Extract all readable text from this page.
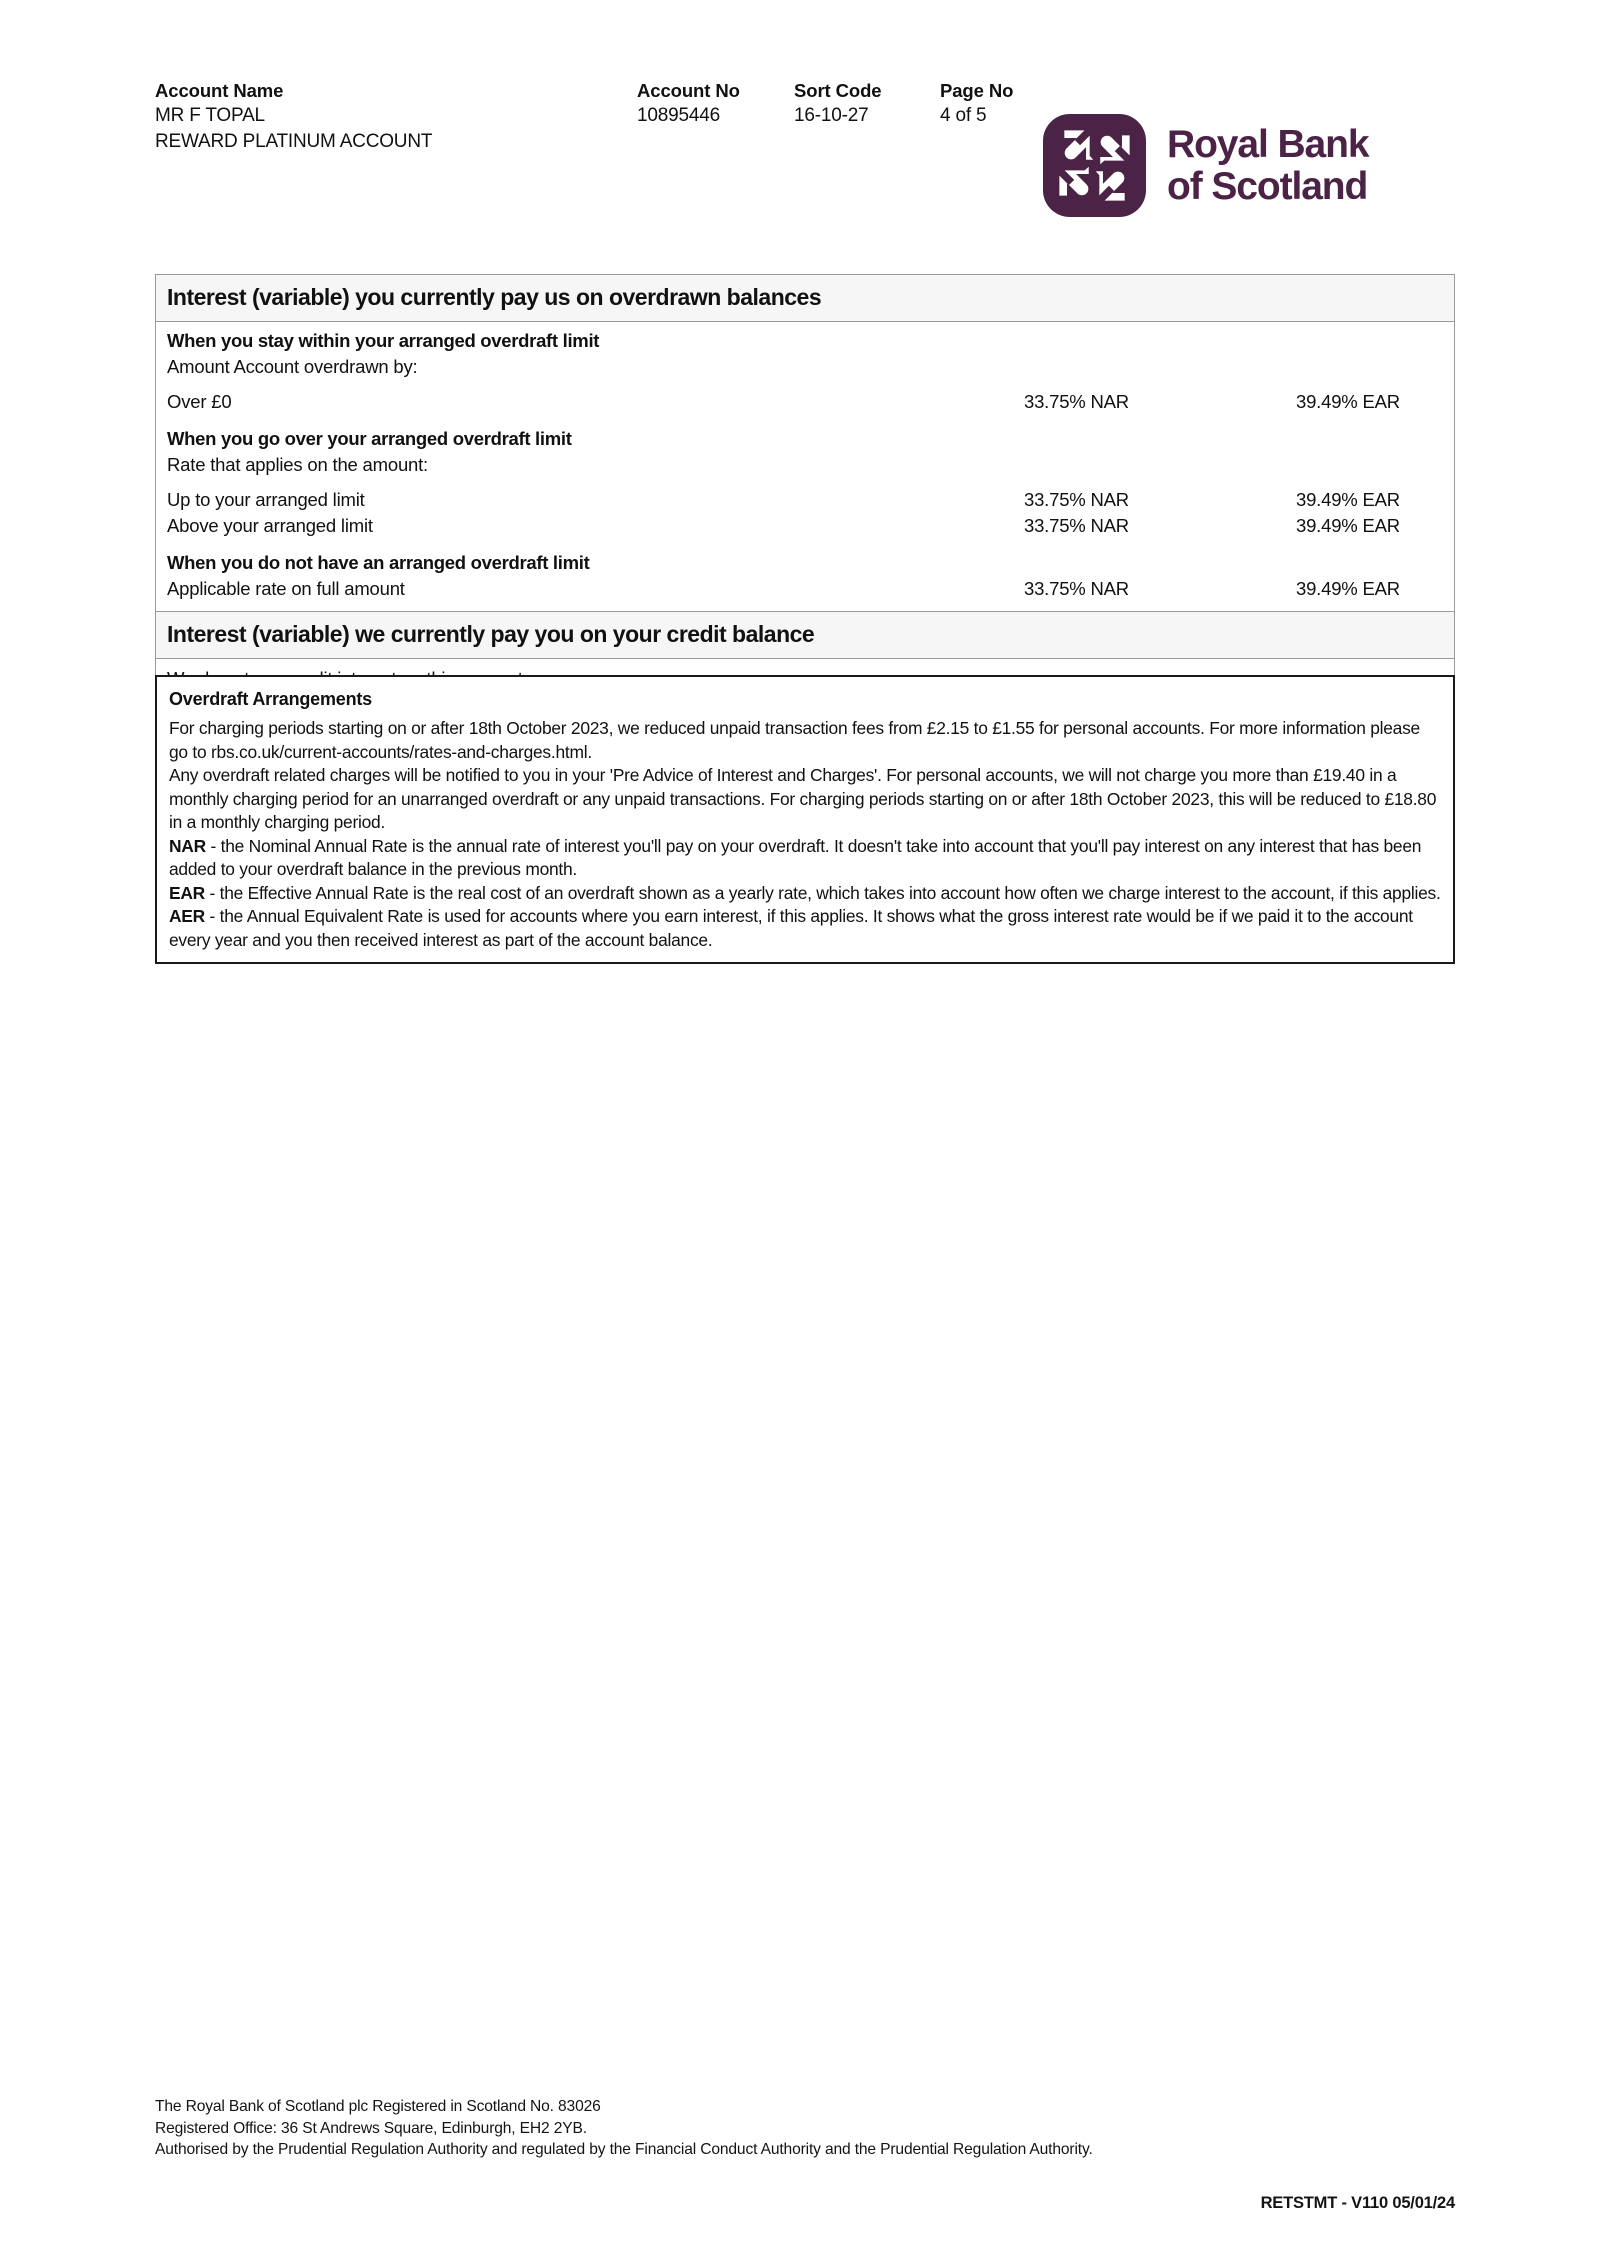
Account Name
MR F TOPAL
REWARD PLATINUM ACCOUNT
Account No
10895446
Sort Code
16-10-27
Page No
4 of 5
Royal Bank
of Scotland
Interest (variable) you currently pay us on overdrawn balances
When you stay within your arranged overdraft limit
Amount Account overdrawn by:
Over £0	33.75% NAR	39.49% EAR
When you go over your arranged overdraft limit
Rate that applies on the amount:
Up to your arranged limit	33.75% NAR	39.49% EAR
Above your arranged limit	33.75% NAR	39.49% EAR
When you do not have an arranged overdraft limit
Applicable rate on full amount	33.75% NAR	39.49% EAR
Interest (variable) we currently pay you on your credit balance
Overdraft Arrangements

For charging periods starting on or after 18th October 2023, we reduced unpaid transaction fees from £2.15 to £1.55 for personal accounts. For more information please go to rbs.co.uk/current-accounts/rates-and-charges.html.

Any overdraft related charges will be notified to you in your 'Pre Advice of Interest and Charges'. For personal accounts, we will not charge you more than £19.40 in a monthly charging period for an unarranged overdraft or any unpaid transactions. For charging periods starting on or after 18th October 2023, this will be reduced to £18.80 in a monthly charging period.

NAR - the Nominal Annual Rate is the annual rate of interest you'll pay on your overdraft. It doesn't take into account that you'll pay interest on any interest that has been added to your overdraft balance in the previous month.

EAR - the Effective Annual Rate is the real cost of an overdraft shown as a yearly rate, which takes into account how often we charge interest to the account, if this applies.

AER - the Annual Equivalent Rate is used for accounts where you earn interest, if this applies. It shows what the gross interest rate would be if we paid it to the account every year and you then received interest as part of the account balance.

The Royal Bank of Scotland plc Registered in Scotland No. 83026
Registered Office: 36 St Andrews Square, Edinburgh, EH2 2YB.
Authorised by the Prudential Regulation Authority and regulated by the Financial Conduct Authority and the Prudential Regulation Authority.
RETSTMT - V110 05/01/24
